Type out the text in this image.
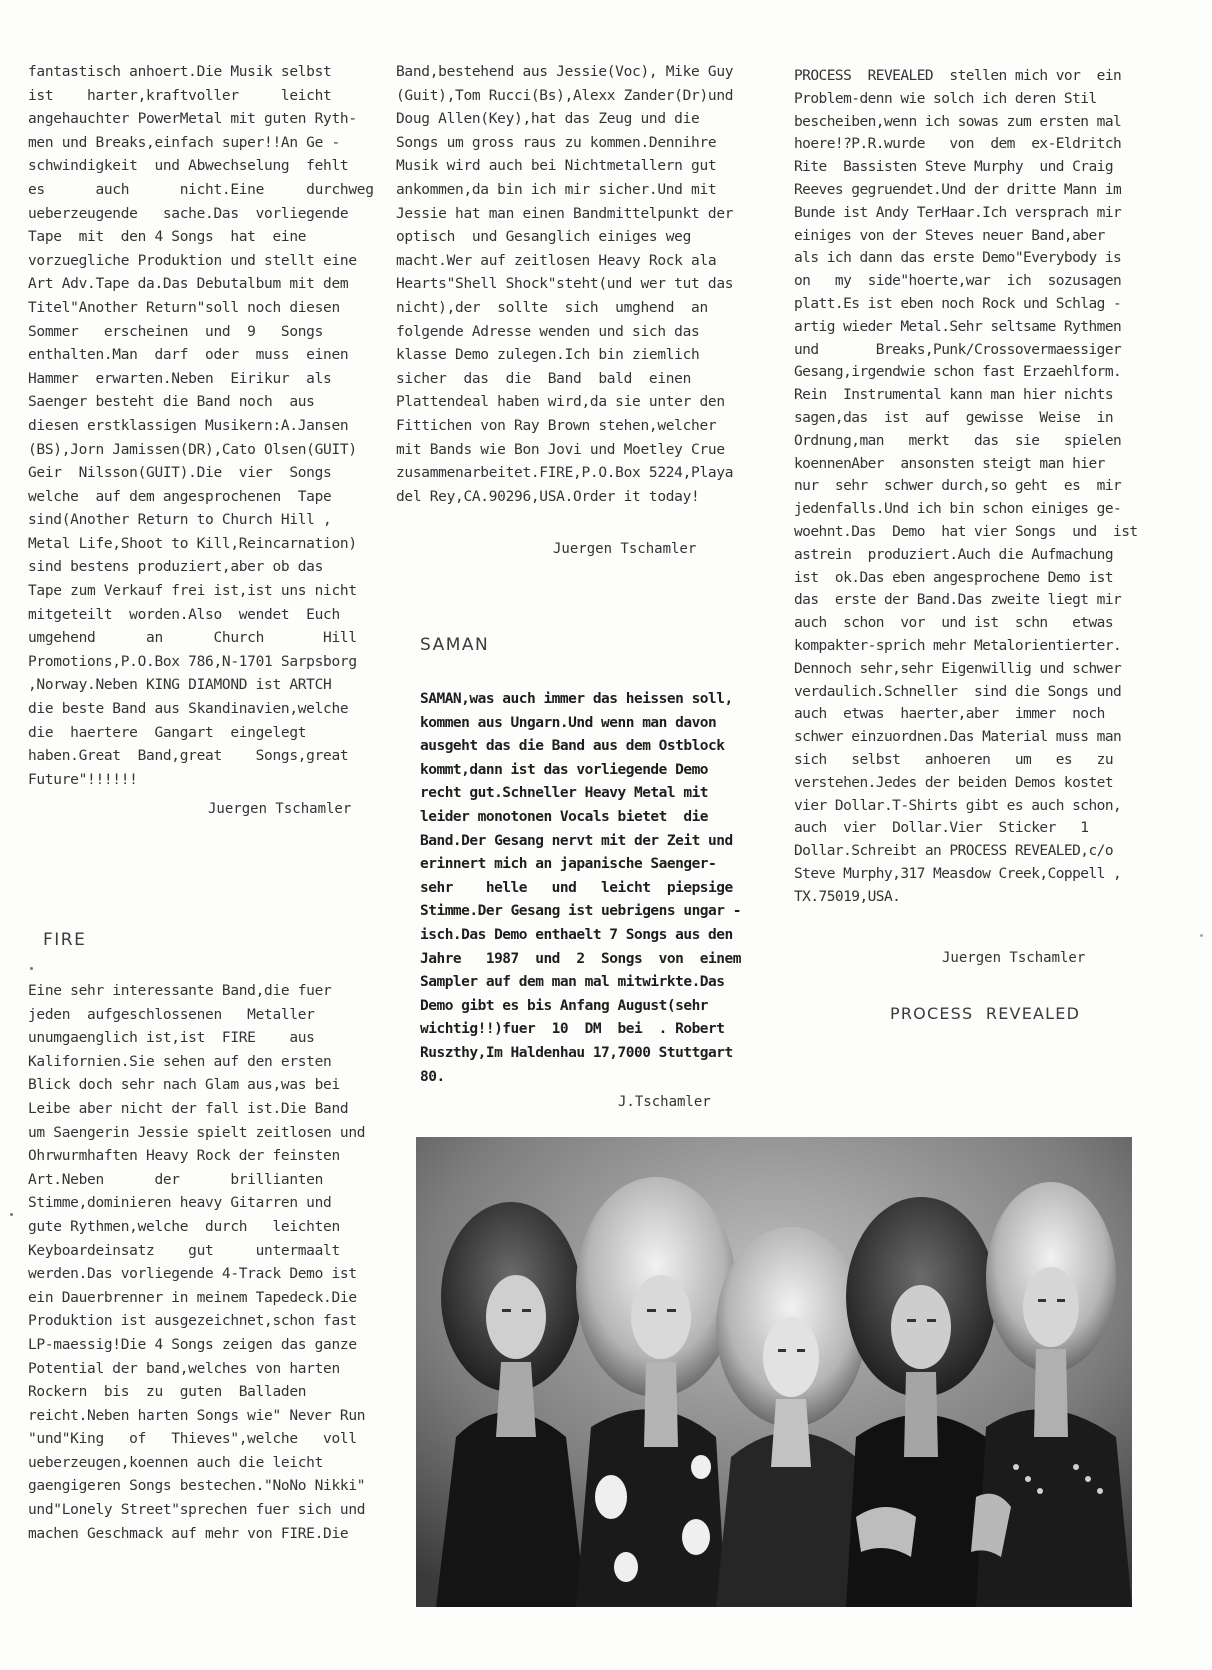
fantastisch anhoert.Die Musik selbst
ist    harter,kraftvoller     leicht
angehauchter PowerMetal mit guten Ryth-
men und Breaks,einfach super!!An Ge -
schwindigkeit  und Abwechselung  fehlt
es      auch      nicht.Eine     durchweg
ueberzeugende   sache.Das  vorliegende
Tape  mit  den 4 Songs  hat  eine
vorzuegliche Produktion und stellt eine
Art Adv.Tape da.Das Debutalbum mit dem
Titel"Another Return"soll noch diesen
Sommer   erscheinen  und  9   Songs
enthalten.Man  darf  oder  muss  einen
Hammer  erwarten.Neben  Eirikur  als
Saenger besteht die Band noch  aus
diesen erstklassigen Musikern:A.Jansen
(BS),Jorn Jamissen(DR),Cato Olsen(GUIT)
Geir  Nilsson(GUIT).Die  vier  Songs
welche  auf dem angesprochenen  Tape
sind(Another Return to Church Hill ,
Metal Life,Shoot to Kill,Reincarnation)
sind bestens produziert,aber ob das
Tape zum Verkauf frei ist,ist uns nicht
mitgeteilt  worden.Also  wendet  Euch
umgehend      an      Church       Hill
Promotions,P.O.Box 786,N-1701 Sarpsborg
,Norway.Neben KING DIAMOND ist ARTCH
die beste Band aus Skandinavien,welche
die  haertere  Gangart  eingelegt
haben.Great  Band,great    Songs,great
Future"!!!!!!
Juergen Tschamler
FIRE
Eine sehr interessante Band,die fuer
jeden  aufgeschlossenen   Metaller
unumgaenglich ist,ist  FIRE    aus
Kalifornien.Sie sehen auf den ersten
Blick doch sehr nach Glam aus,was bei
Leibe aber nicht der fall ist.Die Band
um Saengerin Jessie spielt zeitlosen und
Ohrwurmhaften Heavy Rock der feinsten
Art.Neben      der      brillianten
Stimme,dominieren heavy Gitarren und
gute Rythmen,welche  durch   leichten
Keyboardeinsatz    gut     untermaalt
werden.Das vorliegende 4-Track Demo ist
ein Dauerbrenner in meinem Tapedeck.Die
Produktion ist ausgezeichnet,schon fast
LP-maessig!Die 4 Songs zeigen das ganze
Potential der band,welches von harten
Rockern  bis  zu  guten  Balladen
reicht.Neben harten Songs wie" Never Run
"und"King   of   Thieves",welche   voll
ueberzeugen,koennen auch die leicht
gaengigeren Songs bestechen."NoNo Nikki"
und"Lonely Street"sprechen fuer sich und
machen Geschmack auf mehr von FIRE.Die
Band,bestehend aus Jessie(Voc), Mike Guy
(Guit),Tom Rucci(Bs),Alexx Zander(Dr)und
Doug Allen(Key),hat das Zeug und die
Songs um gross raus zu kommen.Dennihre
Musik wird auch bei Nichtmetallern gut
ankommen,da bin ich mir sicher.Und mit
Jessie hat man einen Bandmittelpunkt der
optisch  und Gesanglich einiges weg
macht.Wer auf zeitlosen Heavy Rock ala
Hearts"Shell Shock"steht(und wer tut das
nicht),der  sollte  sich  umghend  an
folgende Adresse wenden und sich das
klasse Demo zulegen.Ich bin ziemlich
sicher  das  die  Band  bald  einen
Plattendeal haben wird,da sie unter den
Fittichen von Ray Brown stehen,welcher
mit Bands wie Bon Jovi und Moetley Crue
zusammenarbeitet.FIRE,P.O.Box 5224,Playa
del Rey,CA.90296,USA.Order it today!
Juergen Tschamler
SAMAN
SAMAN,was auch immer das heissen soll,
kommen aus Ungarn.Und wenn man davon
ausgeht das die Band aus dem Ostblock
kommt,dann ist das vorliegende Demo
recht gut.Schneller Heavy Metal mit
leider monotonen Vocals bietet  die
Band.Der Gesang nervt mit der Zeit und
erinnert mich an japanische Saenger-
sehr    helle   und   leicht  piepsige
Stimme.Der Gesang ist uebrigens ungar -
isch.Das Demo enthaelt 7 Songs aus den
Jahre   1987  und  2  Songs  von  einem
Sampler auf dem man mal mitwirkte.Das
Demo gibt es bis Anfang August(sehr
wichtig!!)fuer  10  DM  bei  . Robert
Ruszthy,Im Haldenhau 17,7000 Stuttgart
80.
J.Tschamler
PROCESS  REVEALED  stellen mich vor  ein
Problem-denn wie solch ich deren Stil
bescheiben,wenn ich sowas zum ersten mal
hoere!?P.R.wurde   von  dem  ex-Eldritch
Rite  Bassisten Steve Murphy  und Craig
Reeves gegruendet.Und der dritte Mann im
Bunde ist Andy TerHaar.Ich versprach mir
einiges von der Steves neuer Band,aber
als ich dann das erste Demo"Everybody is
on   my  side"hoerte,war  ich  sozusagen
platt.Es ist eben noch Rock und Schlag -
artig wieder Metal.Sehr seltsame Rythmen
und       Breaks,Punk/Crossovermaessiger
Gesang,irgendwie schon fast Erzaehlform.
Rein  Instrumental kann man hier nichts
sagen,das  ist  auf  gewisse  Weise  in
Ordnung,man   merkt   das  sie   spielen
koennenAber  ansonsten steigt man hier
nur  sehr  schwer durch,so geht  es  mir
jedenfalls.Und ich bin schon einiges ge-
woehnt.Das  Demo  hat vier Songs  und  ist
astrein  produziert.Auch die Aufmachung
ist  ok.Das eben angesprochene Demo ist
das  erste der Band.Das zweite liegt mir
auch  schon  vor  und ist  schn   etwas
kompakter-sprich mehr Metalorientierter.
Dennoch sehr,sehr Eigenwillig und schwer
verdaulich.Schneller  sind die Songs und
auch  etwas  haerter,aber  immer  noch
schwer einzuordnen.Das Material muss man
sich   selbst   anhoeren   um   es   zu
verstehen.Jedes der beiden Demos kostet
vier Dollar.T-Shirts gibt es auch schon,
auch  vier  Dollar.Vier  Sticker   1
Dollar.Schreibt an PROCESS REVEALED,c/o
Steve Murphy,317 Measdow Creek,Coppell ,
TX.75019,USA.
Juergen Tschamler
PROCESS  REVEALED
